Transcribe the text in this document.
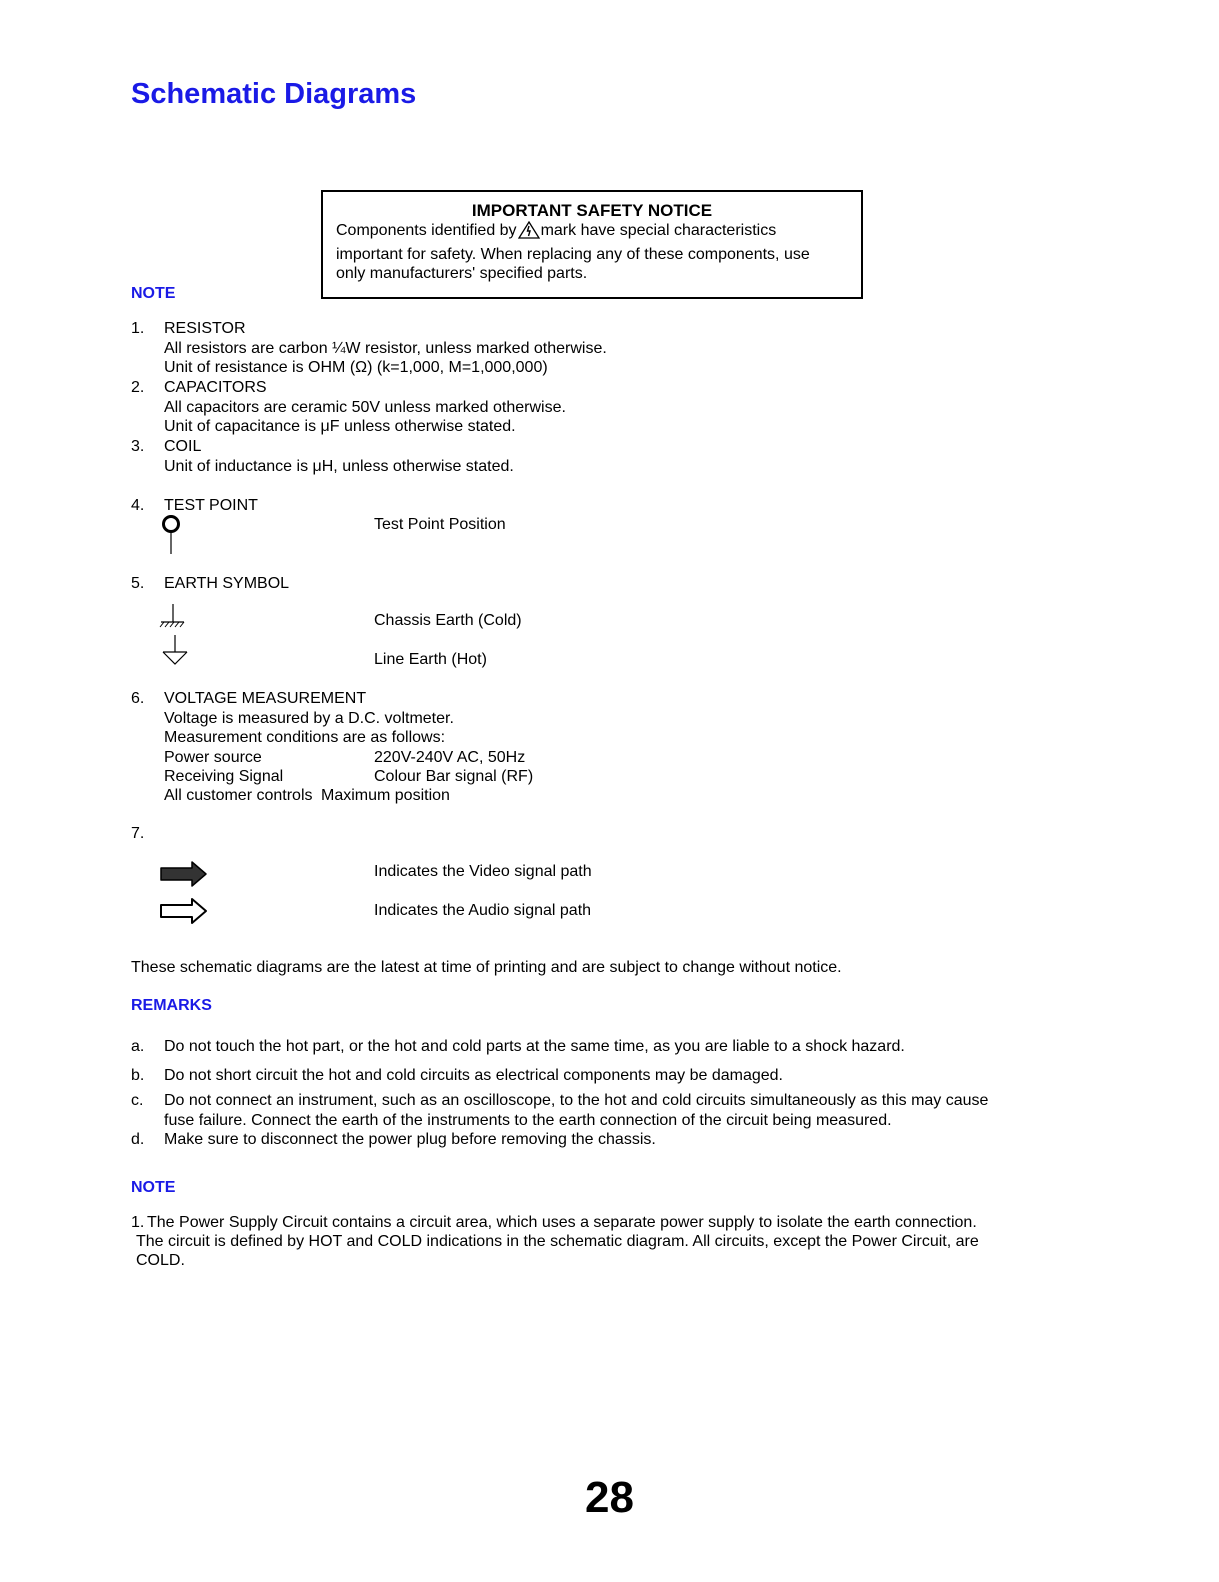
Schematic Diagrams
IMPORTANT SAFETY NOTICE
Components identified by mark have special characteristics
important for safety. When replacing any of these components, use
only manufacturers' specified parts.
NOTE
1. RESISTOR
All resistors are carbon ¼W resistor, unless marked otherwise.
Unit of resistance is OHM (Ω) (k=1,000, M=1,000,000)
2. CAPACITORS
All capacitors are ceramic 50V unless marked otherwise.
Unit of capacitance is μF unless otherwise stated.
3. COIL
Unit of inductance is μH, unless otherwise stated.
4. TEST POINT
Test Point Position
5. EARTH SYMBOL
Chassis Earth (Cold)
Line Earth (Hot)
6. VOLTAGE MEASUREMENT
Voltage is measured by a D.C. voltmeter.
Measurement conditions are as follows:
Power source	220V-240V AC, 50Hz
Receiving Signal	Colour Bar signal (RF)
All customer controls Maximum position
7.
Indicates the Video signal path
Indicates the Audio signal path
These schematic diagrams are the latest at time of printing and are subject to change without notice.
REMARKS
a. Do not touch the hot part, or the hot and cold parts at the same time, as you are liable to a shock hazard.
b. Do not short circuit the hot and cold circuits as electrical components may be damaged.
c. Do not connect an instrument, such as an oscilloscope, to the hot and cold circuits simultaneously as this may cause
fuse failure. Connect the earth of the instruments to the earth connection of the circuit being measured.
d. Make sure to disconnect the power plug before removing the chassis.
NOTE
1. The Power Supply Circuit contains a circuit area, which uses a separate power supply to isolate the earth connection.
The circuit is defined by HOT and COLD indications in the schematic diagram. All circuits, except the Power Circuit, are
COLD.
28
